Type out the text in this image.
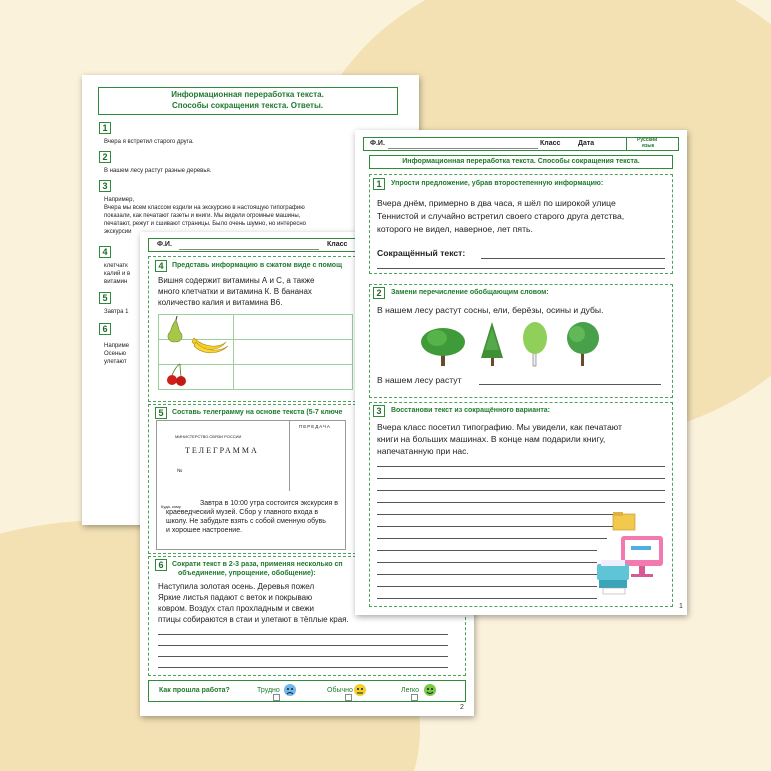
Информационная переработка текста.
Способы сокращения текста. Ответы.
1
Вчера я встретил старого друга.
2
В нашем лесу растут разные деревья.
3
Например,
Вчера мы всем классом ездили на экскурсию в настоящую типографию
показали, как печатают газеты и книги. Мы видели огромные машины,
печатают, режут и сшивают страницы. Было очень шумно, но интересно
экскурсии
4
клетчатк
калий и в
витамин
5
Завтра 1
6
Наприме
Осенью
улетают
Ф.И.	Класс
4	Представь информацию в сжатом виде с помощ
Вишня содержит витамины А и С, а также
много клетчатки и витамина К. В бананах
количество калия и витамина В6.
5	Составь телеграмму на основе текста (5-7 ключе
МИНИСТЕРСТВО СВЯЗИ РОССИИ
ТЕЛЕГРАММА
№
Куда, кому
ПЕРЕДАЧА
Завтра в 10:00 утра состоится экскурсия в
краеведческий музей. Сбор у главного входа в
школу. Не забудьте взять с собой сменную обувь
и хорошее настроение.
6	Сократи текст в 2-3 раза, применяя несколько сп
объединение, упрощение, обобщение):
Наступила золотая осень. Деревья пожел
Яркие листья падают с веток и покрываю
ковром. Воздух стал прохладным и свежи
птицы собираются в стаи и улетают в тёплые края.
Как прошла работа?	Трудно	Обычно	Легко
2
Ф.И.	Класс	Дата	Русский
язык
Информационная переработка текста. Способы сокращения текста.
1	Упрости предложение, убрав второстепенную информацию:
Вчера днём, примерно в два часа, я шёл по широкой улице
Теннистой и случайно встретил своего старого друга детства,
которого не видел, наверное, лет пять.
Сокращённый текст:
2	Замени перечисление обобщающим словом:
В нашем лесу растут сосны, ели, берёзы, осины и дубы.
В нашем лесу растут
3	Восстанови текст из сокращённого варианта:
Вчера класс посетил типографию. Мы увидели, как печатают
книги на больших машинах. В конце нам подарили книгу,
напечатанную при нас.
1
